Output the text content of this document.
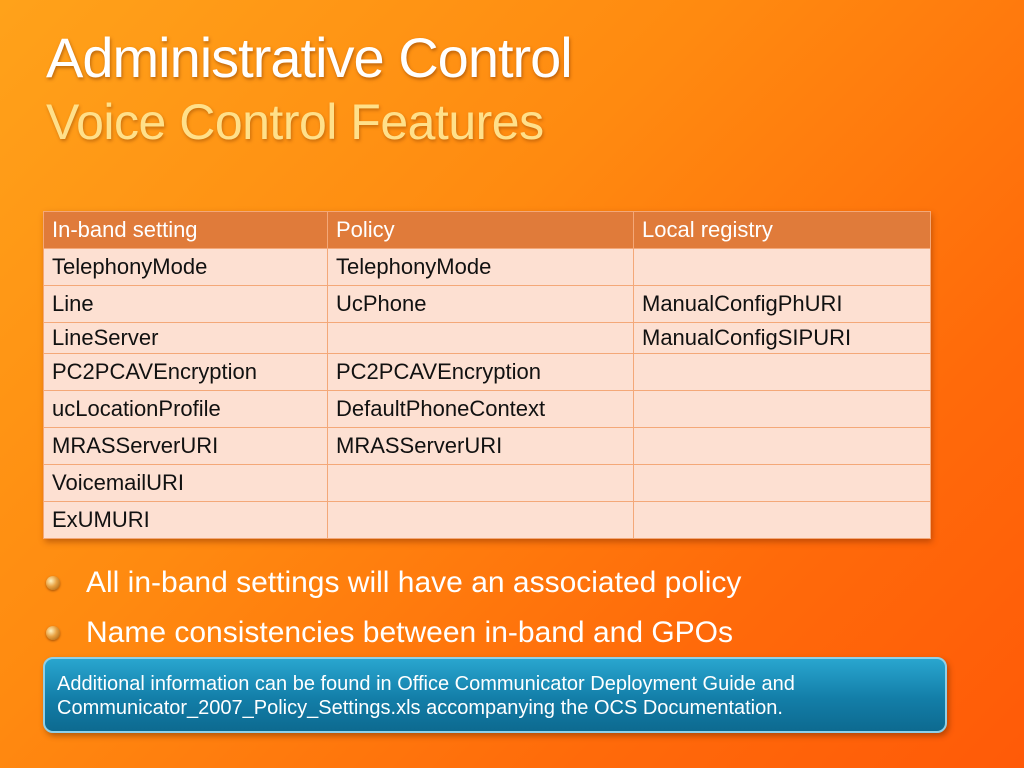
Administrative Control
Voice Control Features
In-band setting	Policy	Local registry
TelephonyMode	TelephonyMode	
Line	UcPhone	ManualConfigPhURI
LineServer		ManualConfigSIPURI
PC2PCAVEncryption	PC2PCAVEncryption	
ucLocationProfile	DefaultPhoneContext	
MRASServerURI	MRASServerURI	
VoicemailURI		
ExUMURI		
All in-band settings will have an associated policy
Name consistencies between in-band and GPOs
Additional information can be found in Office Communicator Deployment Guide and Communicator_2007_Policy_Settings.xls accompanying the OCS Documentation.
